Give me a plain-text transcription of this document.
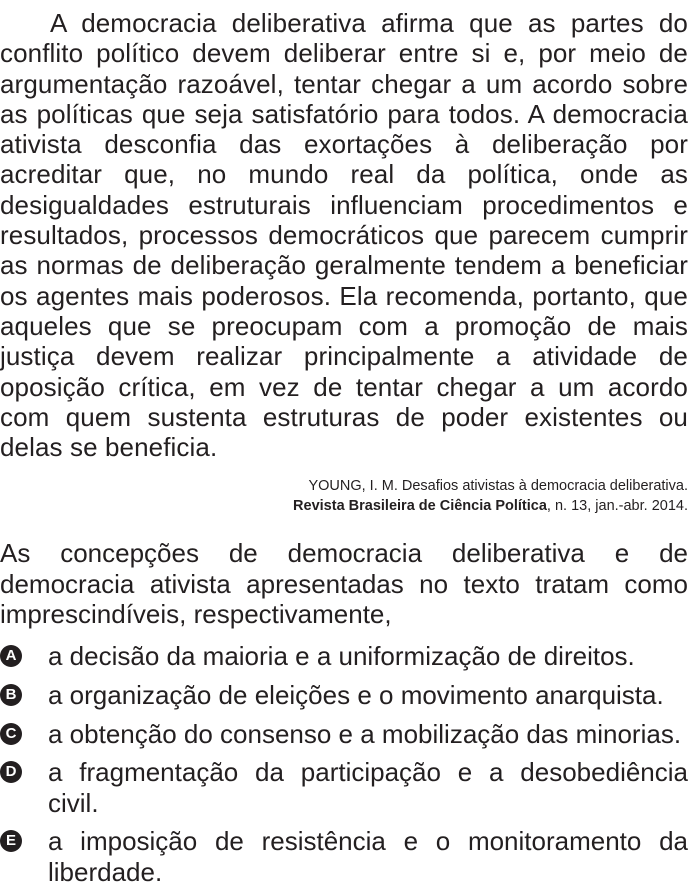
A democracia deliberativa afirma que as partes do conflito político devem deliberar entre si e, por meio de argumentação razoável, tentar chegar a um acordo sobre as políticas que seja satisfatório para todos. A democracia ativista desconfia das exortações à deliberação por acreditar que, no mundo real da política, onde as desigualdades estruturais influenciam procedimentos e resultados, processos democráticos que parecem cumprir as normas de deliberação geralmente tendem a beneficiar os agentes mais poderosos. Ela recomenda, portanto, que aqueles que se preocupam com a promoção de mais justiça devem realizar principalmente a atividade de oposição crítica, em vez de tentar chegar a um acordo com quem sustenta estruturas de poder existentes ou delas se beneficia.

YOUNG, I. M. Desafios ativistas à democracia deliberativa.
Revista Brasileira de Ciência Política, n. 13, jan.-abr. 2014.

As concepções de democracia deliberativa e de democracia ativista apresentadas no texto tratam como imprescindíveis, respectivamente,

A a decisão da maioria e a uniformização de direitos.
B a organização de eleições e o movimento anarquista.
C a obtenção do consenso e a mobilização das minorias.
D a fragmentação da participação e a desobediência civil.
E a imposição de resistência e o monitoramento da liberdade.
